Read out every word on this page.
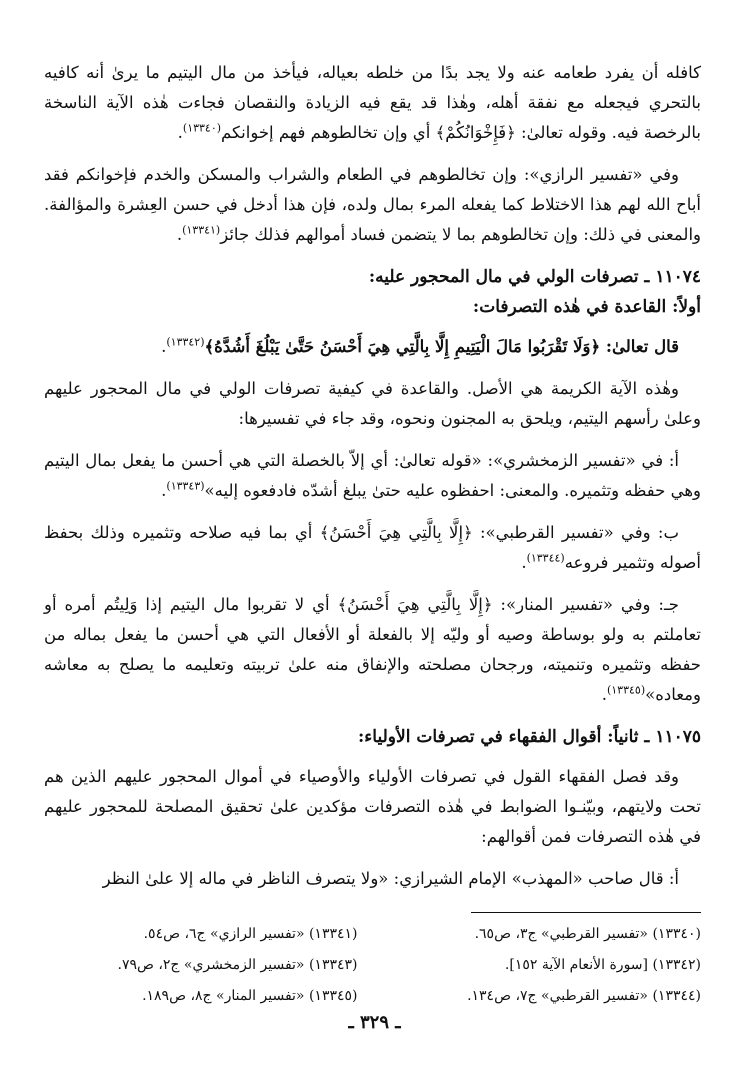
كافله أن يفرد طعامه عنه ولا يجد بدًا من خلطه بعياله، فيأخذ من مال اليتيم ما يرىٰ أنه كافيه بالتحري فيجعله مع نفقة أهله، وهٰذا قد يقع فيه الزيادة والنقصان فجاءت هٰذه الآية الناسخة بالرخصة فيه. وقوله تعالىٰ: ﴿فَإِخْوَانُكُمْ﴾ أي وإن تخالطوهم فهم إخوانكم$^{(١٣٣٤٠)}$.

وفي «تفسير الرازي»: وإن تخالطوهم في الطعام والشراب والمسكن والخدم فإخوانكم فقد أباح الله لهم هذا الاختلاط كما يفعله المرء بمال ولده، فإن هذا أدخل في حسن العِشرة والمؤالفة. والمعنى في ذلك: وإن تخالطوهم بما لا يتضمن فساد أموالهم فذلك جائز$^{(١٣٣٤١)}$.

١١٠٧٤ ـ تصرفات الولي في مال المحجور عليه:

أولاً: القاعدة في هٰذه التصرفات:

قال تعالىٰ: ﴿وَلَا تَقْرَبُوا مَالَ الْيَتِيمِ إِلَّا بِالَّتِي هِيَ أَحْسَنُ حَتَّىٰ يَبْلُغَ أَشُدَّهُ﴾$^{(١٣٣٤٢)}$.

وهٰذه الآية الكريمة هي الأصل. والقاعدة في كيفية تصرفات الولي في مال المحجور عليهم وعلىٰ رأسهم اليتيم، ويلحق به المجنون ونحوه، وقد جاء في تفسيرها:

أ: في «تفسير الزمخشري»: «قوله تعالىٰ: أي إلاّ بالخصلة التي هي أحسن ما يفعل بمال اليتيم وهي حفظه وتثميره. والمعنى: احفظوه عليه حتىٰ يبلغ أشدّه فادفعوه إليه»$^{(١٣٣٤٣)}$.

ب: وفي «تفسير القرطبي»: ﴿إِلَّا بِالَّتِي هِيَ أَحْسَنُ﴾ أي بما فيه صلاحه وتثميره وذلك بحفظ أصوله وتثمير فروعه$^{(١٣٣٤٤)}$.

جـ: وفي «تفسير المنار»: ﴿إِلَّا بِالَّتِي هِيَ أَحْسَنُ﴾ أي لا تقربوا مال اليتيم إذا وَلِيتُم أمره أو تعاملتم به ولو بوساطة وصيه أو وليّه إلا بالفعلة أو الأفعال التي هي أحسن ما يفعل بماله من حفظه وتثميره وتنميته، ورجحان مصلحته والإنفاق منه علىٰ تربيته وتعليمه ما يصلح به معاشه ومعاده»$^{(١٣٣٤٥)}$.

١١٠٧٥ ـ ثانياً: أقوال الفقهاء في تصرفات الأولياء:

وقد فصل الفقهاء القول في تصرفات الأولياء والأوصياء في أموال المحجور عليهم الذين هم تحت ولايتهم، وبيّنـوا الضوابط في هٰذه التصرفات مؤكدين علىٰ تحقيق المصلحة للمحجور عليهم في هٰذه التصرفات فمن أقوالهم:

أ: قال صاحب «المهذب» الإمام الشيرازي: «ولا يتصرف الناظر في ماله إلا علىٰ النظر

(١٣٣٤٠) «تفسير القرطبي» ج٣، ص٦٥.
(١٣٣٤١) «تفسير الرازي» ج٦، ص٥٤.
(١٣٣٤٢) [سورة الأنعام الآية ١٥٢].
(١٣٣٤٣) «تفسير الزمخشري» ج٢، ص٧٩.
(١٣٣٤٤) «تفسير القرطبي» ج٧، ص١٣٤.
(١٣٣٤٥) «تفسير المنار» ج٨، ص١٨٩.
ـ ٣٢٩ ـ
